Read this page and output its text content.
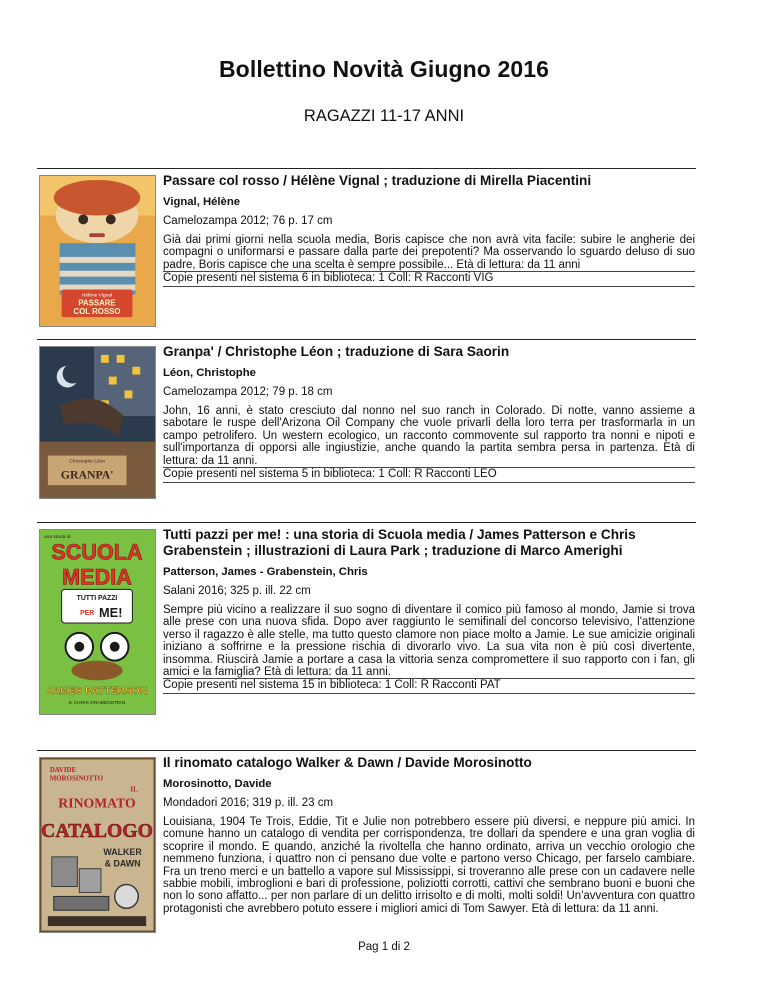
Bollettino Novità Giugno 2016
RAGAZZI 11-17 ANNI
Hélène Vignal
PASSARE
COL ROSSO

Passare col rosso / Hélène Vignal ; traduzione di Mirella Piacentini

Vignal, Hélène

Camelozampa 2012; 76 p. 17 cm

Già dai primi giorni nella scuola media, Boris capisce che non avrà vita facile: subire le angherie dei compagni o uniformarsi e passare dalla parte dei prepotenti? Ma osservando lo sguardo deluso di suo padre, Boris capisce che una scelta è sempre possibile... Età di lettura: da 11 anni

Copie presenti nel sistema 6 in biblioteca: 1 Coll: R Racconti VIG

Christophe Léon
GRANPA'

Granpa' / Christophe Léon ; traduzione di Sara Saorin

Léon, Christophe

Camelozampa 2012; 79 p. 18 cm

John, 16 anni, è stato cresciuto dal nonno nel suo ranch in Colorado. Di notte, vanno assieme a sabotare le ruspe dell'Arizona Oil Company che vuole privarli della loro terra per trasformarla in un campo petrolifero. Un western ecologico, un racconto commovente sul rapporto tra nonni e nipoti e sull'importanza di opporsi alle ingiustizie, anche quando la partita sembra persa in partenza. Età di lettura: da 11 anni.

Copie presenti nel sistema 5 in biblioteca: 1 Coll: R Racconti LEO

una storia di
SCUOLA
MEDIA
TUTTI PAZZI
PER ME!
JAMES PATTERSON
E CHRIS GRABENSTEIN

Tutti pazzi per me! : una storia di Scuola media / James Patterson e Chris Grabenstein ; illustrazioni di Laura Park ; traduzione di Marco Amerighi

Patterson, James - Grabenstein, Chris

Salani 2016; 325 p. ill. 22 cm

Sempre più vicino a realizzare il suo sogno di diventare il comico più famoso al mondo, Jamie si trova alle prese con una nuova sfida. Dopo aver raggiunto le semifinali del concorso televisivo, l'attenzione verso il ragazzo è alle stelle, ma tutto questo clamore non piace molto a Jamie. Le sue amicizie originali iniziano a soffrirne e la pressione rischia di divorarlo vivo. La sua vita non è più così divertente, insomma. Riuscirà Jamie a portare a casa la vittoria senza compromettere il suo rapporto con i fan, gli amici e la famiglia? Età di lettura: da 11 anni.

Copie presenti nel sistema 15 in biblioteca: 1 Coll: R Racconti PAT

DAVIDE
MOROSINOTTO
IL
RINOMATO
CATALOGO
WALKER
& DAWN

Il rinomato catalogo Walker & Dawn / Davide Morosinotto

Morosinotto, Davide

Mondadori 2016; 319 p. ill. 23 cm

Louisiana, 1904 Te Trois, Eddie, Tit e Julie non potrebbero essere più diversi, e neppure più amici. In comune hanno un catalogo di vendita per corrispondenza, tre dollari da spendere e una gran voglia di scoprire il mondo. E quando, anziché la rivoltella che hanno ordinato, arriva un vecchio orologio che nemmeno funziona, i quattro non ci pensano due volte e partono verso Chicago, per farselo cambiare. Fra un treno merci e un battello a vapore sul Mississippi, si troveranno alle prese con un cadavere nelle sabbie mobili, imbroglioni e bari di professione, poliziotti corrotti, cattivi che sembrano buoni e buoni che non lo sono affatto... per non parlare di un delitto irrisolto e di molti, molti soldi! Un'avventura con quattro protagonisti che avrebbero potuto essere i migliori amici di Tom Sawyer. Età di lettura: da 11 anni.

Pag 1 di 2
